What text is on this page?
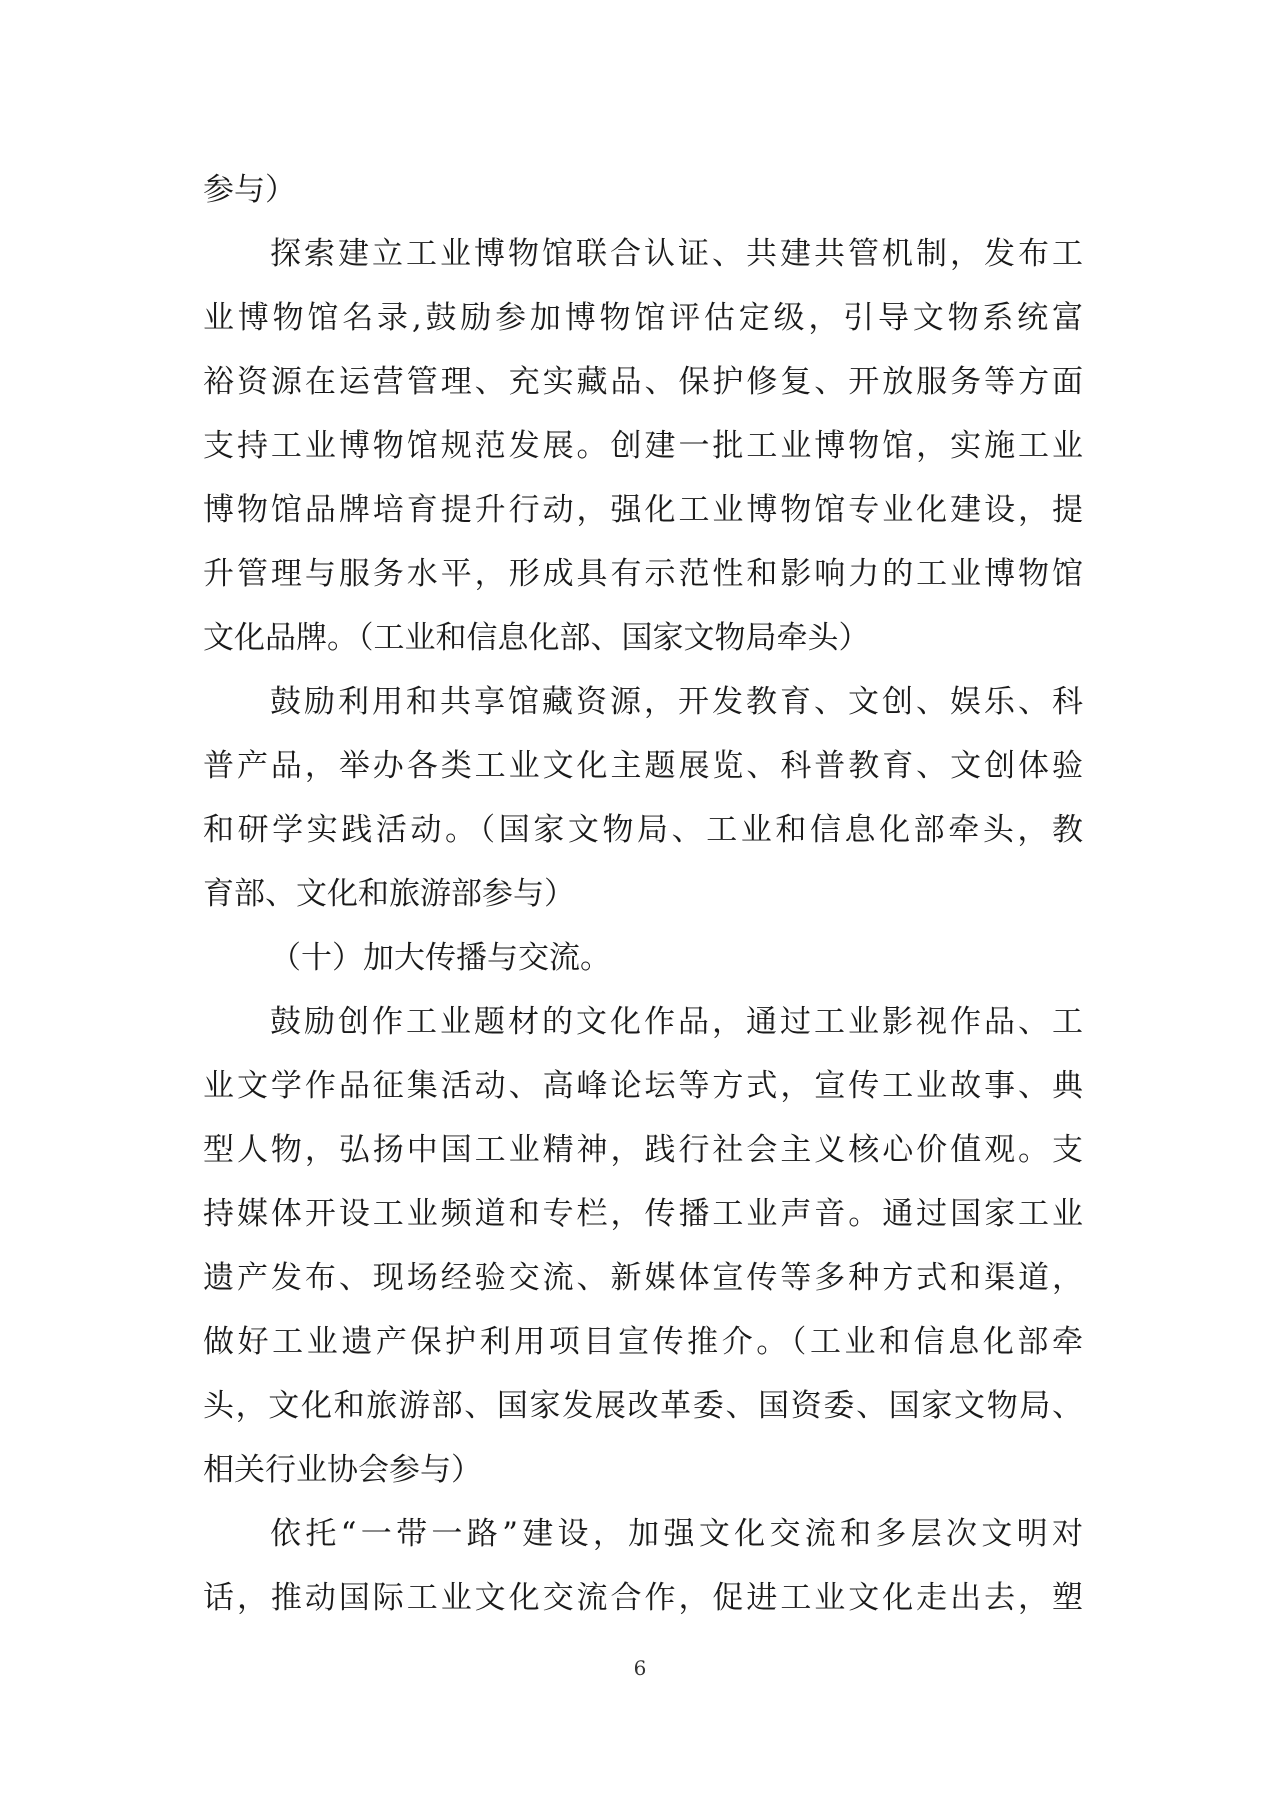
参与）
探索建立工业博物馆联合认证、共建共管机制，发布工
业博物馆名录,鼓励参加博物馆评估定级，引导文物系统富
裕资源在运营管理、充实藏品、保护修复、开放服务等方面
支持工业博物馆规范发展。创建一批工业博物馆，实施工业
博物馆品牌培育提升行动，强化工业博物馆专业化建设，提
升管理与服务水平，形成具有示范性和影响力的工业博物馆
文化品牌。（工业和信息化部、国家文物局牵头）
鼓励利用和共享馆藏资源，开发教育、文创、娱乐、科
普产品，举办各类工业文化主题展览、科普教育、文创体验
和研学实践活动。（国家文物局、工业和信息化部牵头，教
育部、文化和旅游部参与）
（十）加大传播与交流。
鼓励创作工业题材的文化作品，通过工业影视作品、工
业文学作品征集活动、高峰论坛等方式，宣传工业故事、典
型人物，弘扬中国工业精神，践行社会主义核心价值观。支
持媒体开设工业频道和专栏，传播工业声音。通过国家工业
遗产发布、现场经验交流、新媒体宣传等多种方式和渠道，
做好工业遗产保护利用项目宣传推介。（工业和信息化部牵
头，文化和旅游部、国家发展改革委、国资委、国家文物局、
相关行业协会参与）
依托“一带一路”建设，加强文化交流和多层次文明对
话，推动国际工业文化交流合作，促进工业文化走出去，塑
6
